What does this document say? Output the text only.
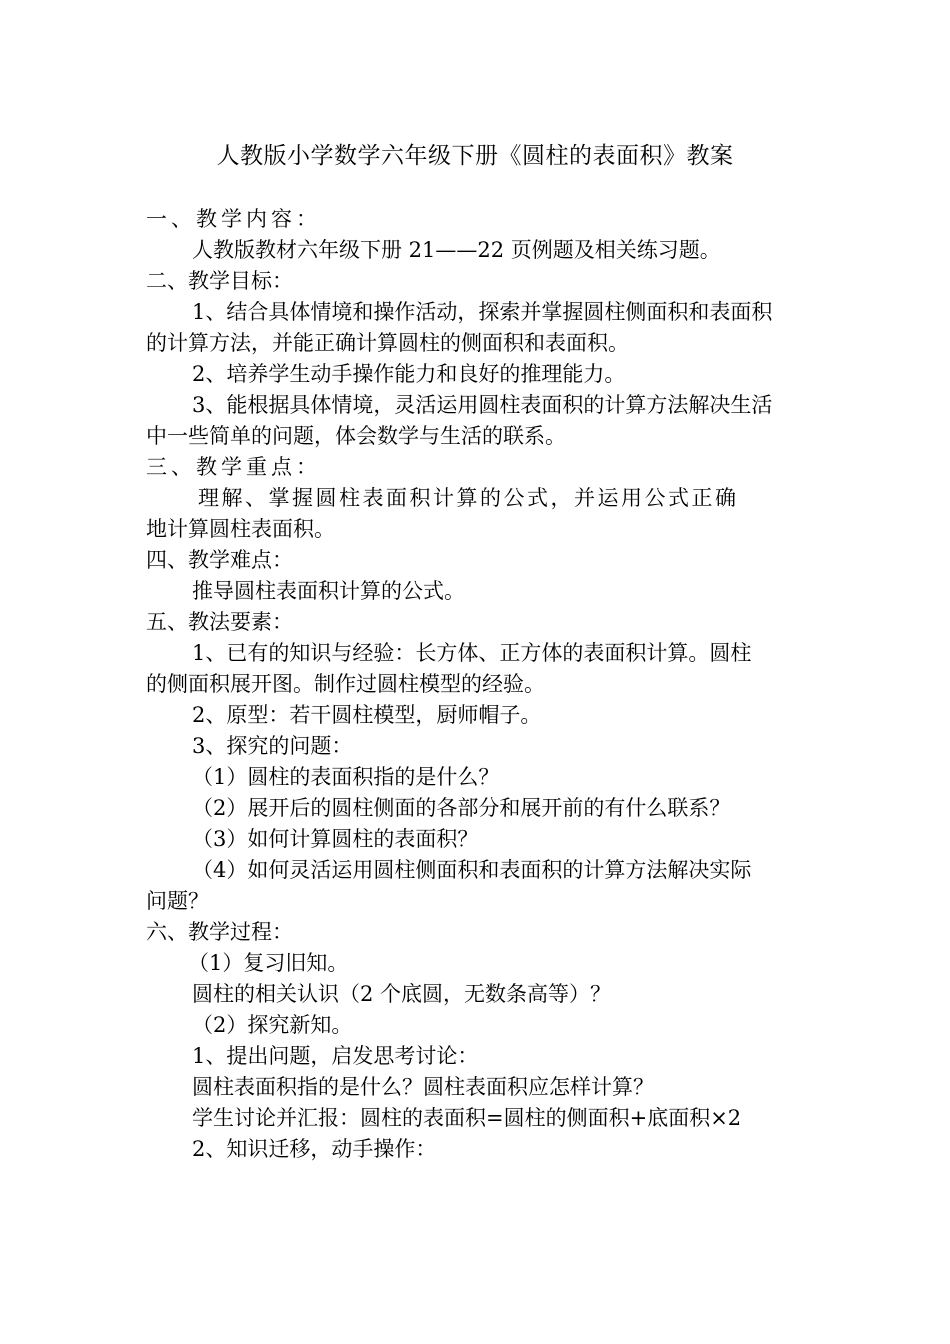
人教版小学数学六年级下册《圆柱的表面积》教案
一、教学内容：
人教版教材六年级下册 21——22 页例题及相关练习题。
二、教学目标：
1、结合具体情境和操作活动，探索并掌握圆柱侧面积和表面积
的计算方法，并能正确计算圆柱的侧面积和表面积。
2、培养学生动手操作能力和良好的推理能力。
3、能根据具体情境，灵活运用圆柱表面积的计算方法解决生活
中一些简单的问题，体会数学与生活的联系。
三、教学重点：
理解、掌握圆柱表面积计算的公式，并运用公式正确
地计算圆柱表面积。
四、教学难点：
推导圆柱表面积计算的公式。
五、教法要素：
1、已有的知识与经验：长方体、正方体的表面积计算。圆柱
的侧面积展开图。制作过圆柱模型的经验。
2、原型：若干圆柱模型，厨师帽子。
3、探究的问题：
（1）圆柱的表面积指的是什么？
（2）展开后的圆柱侧面的各部分和展开前的有什么联系？
（3）如何计算圆柱的表面积？
（4）如何灵活运用圆柱侧面积和表面积的计算方法解决实际
问题？
六、教学过程：
（1）复习旧知。
圆柱的相关认识（2 个底圆，无数条高等）？
（2）探究新知。
1、提出问题，启发思考讨论：
圆柱表面积指的是什么？圆柱表面积应怎样计算？
学生讨论并汇报：圆柱的表面积=圆柱的侧面积+底面积×2
2、知识迁移，动手操作：
